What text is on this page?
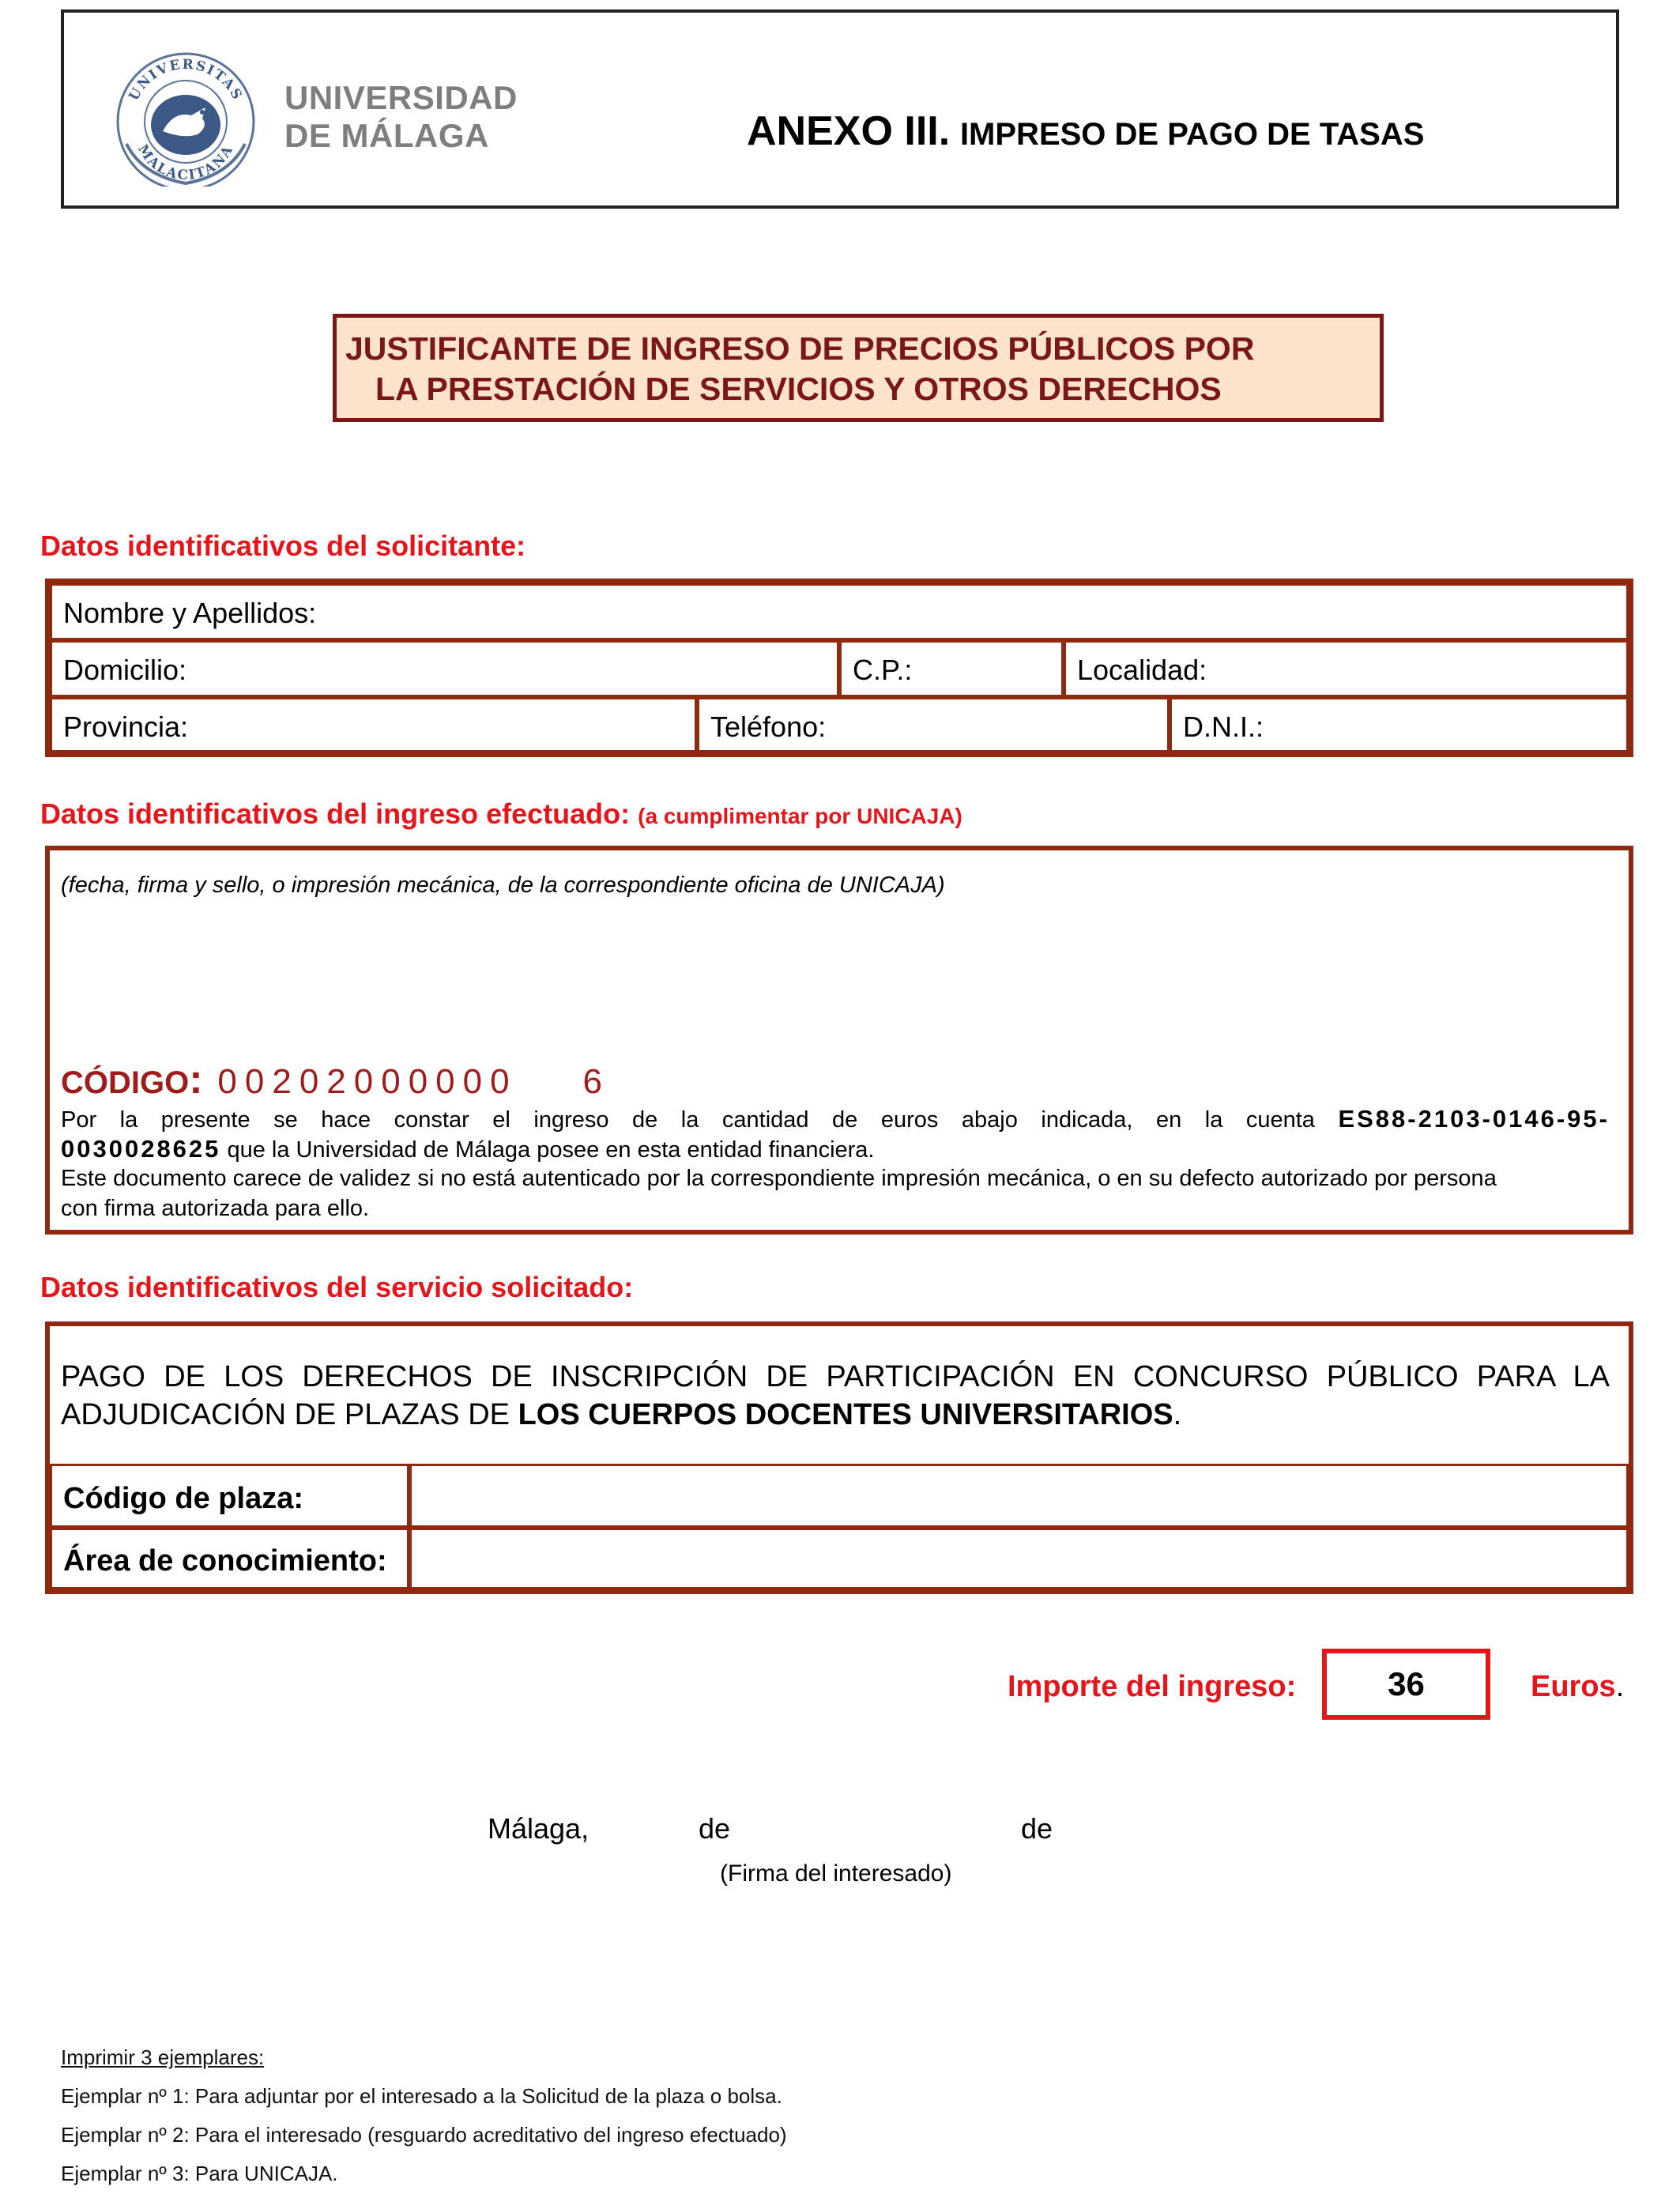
UNIVERSITAS
MALACITANA
UNIVERSIDAD
DE MÁLAGA	ANEXO III. IMPRESO DE PAGO DE TASAS
JUSTIFICANTE DE INGRESO DE PRECIOS PÚBLICOS POR
LA PRESTACIÓN DE SERVICIOS Y OTROS DERECHOS
Datos identificativos del solicitante:
Nombre y Apellidos:
Domicilio:	C.P.:	Localidad:
Provincia:	Teléfono:	D.N.I.:
Datos identificativos del ingreso efectuado: (a cumplimentar por UNICAJA)
(fecha, firma y sello, o impresión mecánica, de la correspondiente oficina de UNICAJA)
CÓDIGO: 00202000000 6
Por la presente se hace constar el ingreso de la cantidad de euros abajo indicada, en la cuenta ES88-2103-0146-95-
0030028625 que la Universidad de Málaga posee en esta entidad financiera.
Este documento carece de validez si no está autenticado por la correspondiente impresión mecánica, o en su defecto autorizado por persona
con firma autorizada para ello.
Datos identificativos del servicio solicitado:
PAGO DE LOS DERECHOS DE INSCRIPCIÓN DE PARTICIPACIÓN EN CONCURSO PÚBLICO PARA LA ADJUDICACIÓN DE PLAZAS DE LOS CUERPOS DOCENTES UNIVERSITARIOS.
Código de plaza:
Área de conocimiento:
Importe del ingreso:	36	Euros.
Málaga,	de	de
(Firma del interesado)
Imprimir 3 ejemplares:
Ejemplar nº 1: Para adjuntar por el interesado a la Solicitud de la plaza o bolsa.
Ejemplar nº 2: Para el interesado (resguardo acreditativo del ingreso efectuado)
Ejemplar nº 3: Para UNICAJA.
